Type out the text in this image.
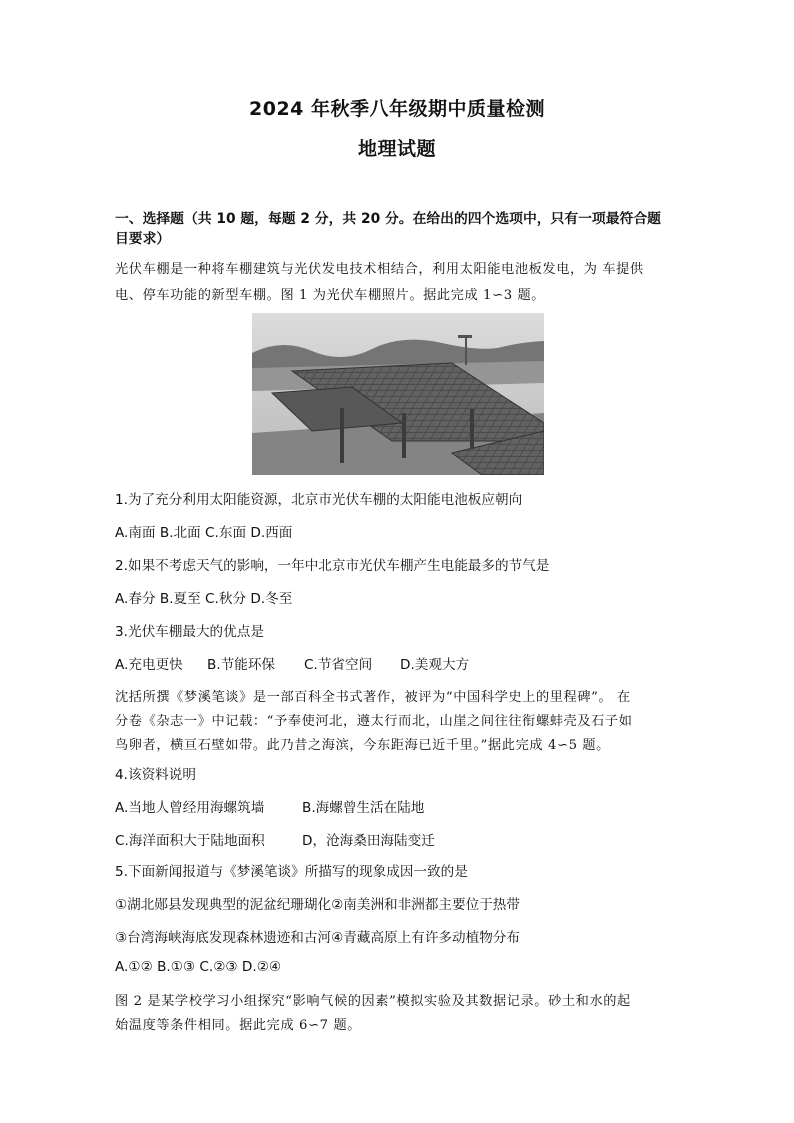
2024 年秋季八年级期中质量检测
地理试题
一、选择题（共 10 题，每题 2 分，共 20 分。在给出的四个选项中，只有一项最符合题
目要求）
光伏车棚是一种将车棚建筑与光伏发电技术相结合，利用太阳能电池板发电，为 车提供
电、停车功能的新型车棚。图 1 为光伏车棚照片。据此完成 1∽3 题。
1.为了充分利用太阳能资源，北京市光伏车棚的太阳能电池板应朝向
A.南面 B.北面 C.东面 D.西面
2.如果不考虑天气的影响，一年中北京市光伏车棚产生电能最多的节气是
A.春分 B.夏至 C.秋分 D.冬至
3.光伏车棚最大的优点是
A.充电更快 B.节能环保 C.节省空间 D.美观大方
沈括所撰《梦溪笔谈》是一部百科全书式著作，被评为“中国科学史上的里程碑”。 在
分卷《杂志一》中记载：“予奉使河北，遵太行而北，山崖之间往往衔螺蚌壳及石子如
鸟卵者，横亘石壁如带。此乃昔之海滨，今东距海已近千里。”据此完成 4∽5 题。
4.该资料说明
A.当地人曾经用海螺筑墙	B.海螺曾生活在陆地
C.海洋面积大于陆地面积	D，沧海桑田海陆变迁
5.下面新闻报道与《梦溪笔谈》所描写的现象成因一致的是
①湖北郧县发现典型的泥盆纪珊瑚化②南美洲和非洲都主要位于热带
③台湾海峡海底发现森林遗迹和古河④青藏高原上有许多动植物分布
A.①② B.①③ C.②③ D.②④
图 2 是某学校学习小组探究“影响气候的因素”模拟实验及其数据记录。砂土和水的起
始温度等条件相同。据此完成 6∽7 题。
